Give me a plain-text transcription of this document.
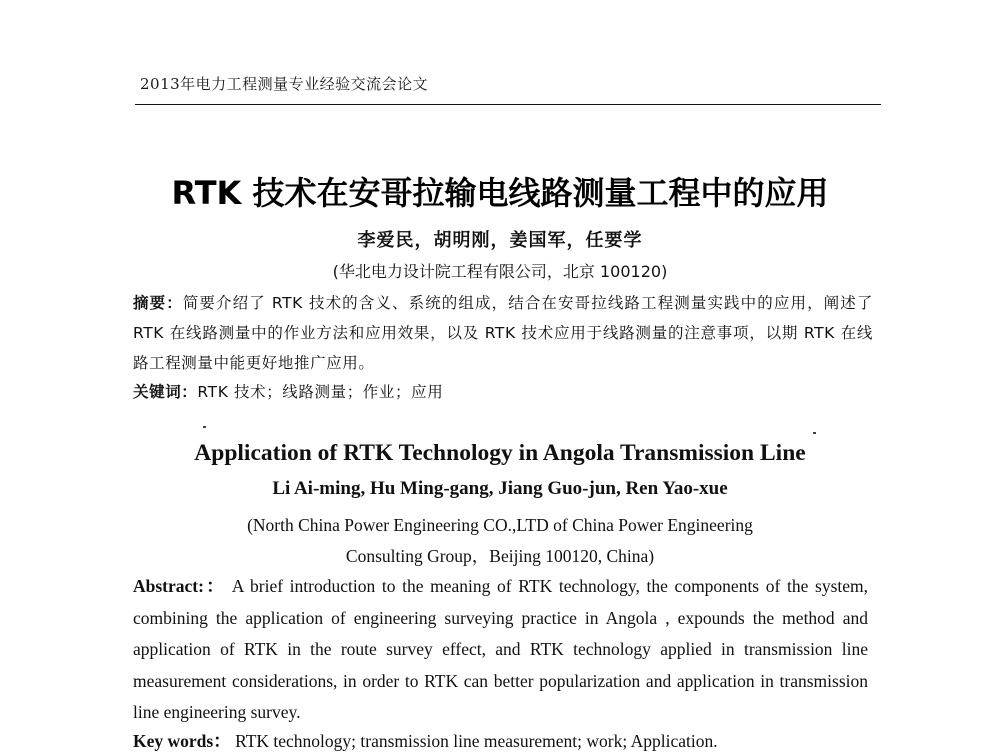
2013年电力工程测量专业经验交流会论文
RTK 技术在安哥拉输电线路测量工程中的应用
李爱民，胡明刚，姜国军，任要学
(华北电力设计院工程有限公司，北京 100120)
摘要：简要介绍了 RTK 技术的含义、系统的组成，结合在安哥拉线路工程测量实践中的应用，阐述了 RTK 在线路测量中的作业方法和应用效果，以及 RTK 技术应用于线路测量的注意事项，以期 RTK 在线路工程测量中能更好地推广应用。
关键词：RTK 技术；线路测量；作业；应用
Application of RTK Technology in Angola Transmission Line
Li Ai-ming, Hu Ming-gang, Jiang Guo-jun, Ren Yao-xue
(North China Power Engineering CO.,LTD of China Power Engineering
Consulting Group，Beijing 100120, China)
Abstract:： A brief introduction to the meaning of RTK technology, the components of the system, combining the application of engineering surveying practice in Angola , expounds the method and application of RTK in the route survey effect, and RTK technology applied in transmission line measurement considerations, in order to RTK can better popularization and application in transmission line engineering survey.
Key words： RTK technology; transmission line measurement; work; Application.
